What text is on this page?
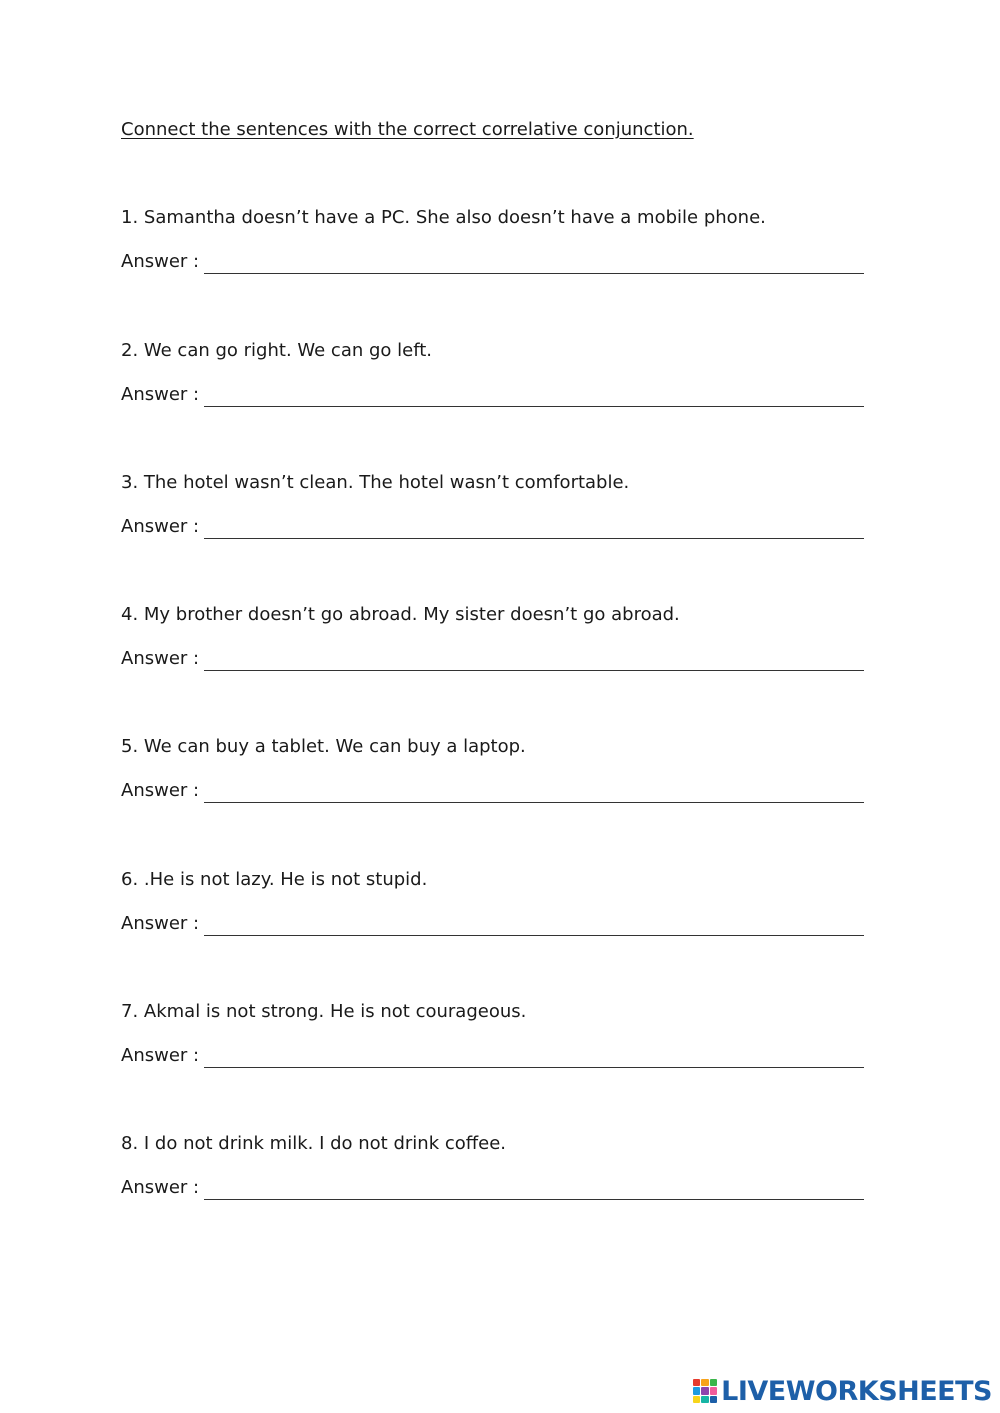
Connect the sentences with the correct correlative conjunction.

1. Samantha doesn’t have a PC. She also doesn’t have a mobile phone.

Answer :

2. We can go right. We can go left.

Answer :

3. The hotel wasn’t clean. The hotel wasn’t comfortable.

Answer :

4. My brother doesn’t go abroad. My sister doesn’t go abroad.

Answer :

5. We can buy a tablet. We can buy a laptop.

Answer :

6. .He is not lazy. He is not stupid.

Answer :

7. Akmal is not strong. He is not courageous.

Answer :

8. I do not drink milk. I do not drink coffee.

Answer :
LIVEWORKSHEETS
